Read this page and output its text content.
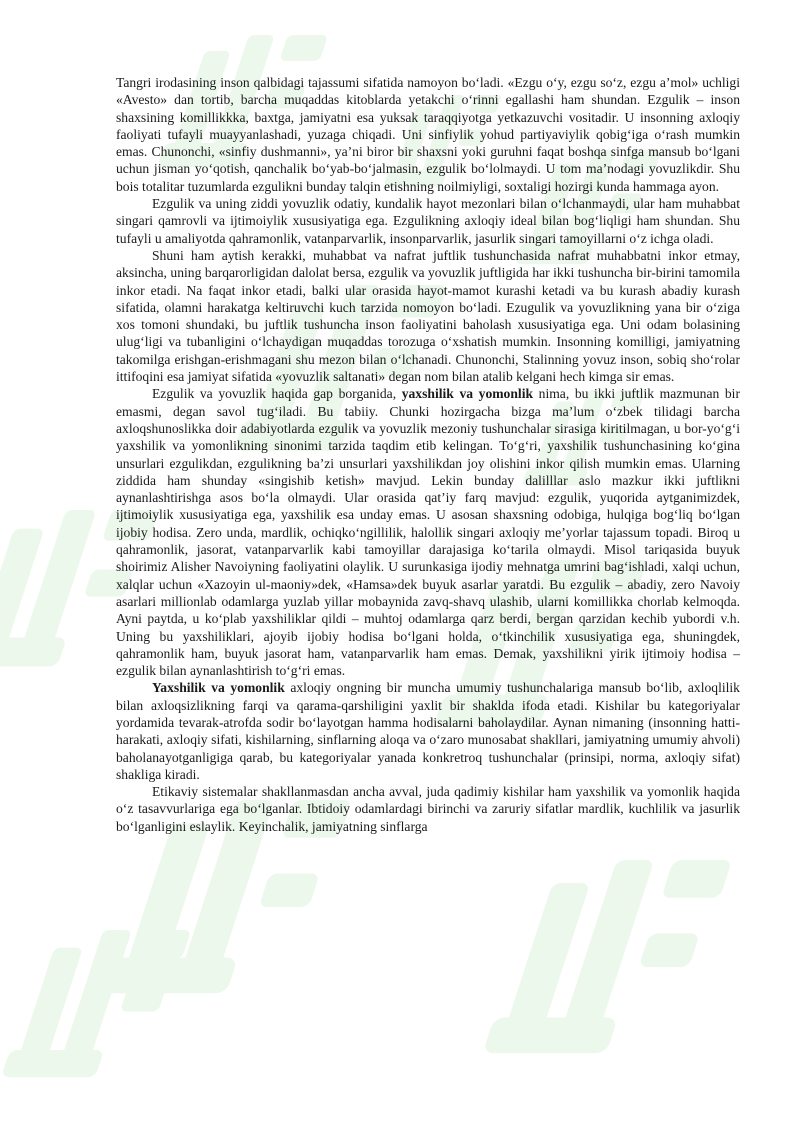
Tangri irodasining inson qalbidagi tajassumi sifatida namoyon bo‘ladi. «Ezgu o‘y, ezgu so‘z, ezgu a’mol» uchligi «Avesto» dan tortib, barcha muqaddas kitoblarda yetakchi o‘rinni egallashi ham shundan. Ezgulik – inson shaxsining komillikkka, baxtga, jamiyatni esa yuksak taraqqiyotga yetkazuvchi vositadir. U insonning axloqiy faoliyati tufayli muayyanlashadi, yuzaga chiqadi. Uni sinfiylik yohud partiyaviylik qobig‘iga o‘rash mumkin emas. Chunonchi, «sinfiy dushmanni», ya’ni biror bir shaxsni yoki guruhni faqat boshqa sinfga mansub bo‘lgani uchun jisman yo‘qotish, qanchalik bo‘yab-bo‘jalmasin, ezgulik bo‘lolmaydi. U tom ma’nodagi yovuzlikdir. Shu bois totalitar tuzumlarda ezgulikni bunday talqin etishning noilmiyligi, soxtaligi hozirgi kunda hammaga ayon.

Ezgulik va uning ziddi yovuzlik odatiy, kundalik hayot mezonlari bilan o‘lchanmaydi, ular ham muhabbat singari qamrovli va ijtimoiylik xususiyatiga ega. Ezgulikning axloqiy ideal bilan bog‘liqligi ham shundan. Shu tufayli u amaliyotda qahramonlik, vatanparvarlik, insonparvarlik, jasurlik singari tamoyillarni o‘z ichga oladi.

Shuni ham aytish kerakki, muhabbat va nafrat juftlik tushunchasida nafrat muhabbatni inkor etmay, aksincha, uning barqarorligidan dalolat bersa, ezgulik va yovuzlik juftligida har ikki tushuncha bir-birini tamomila inkor etadi. Na faqat inkor etadi, balki ular orasida hayot-mamot kurashi ketadi va bu kurash abadiy kurash sifatida, olamni harakatga keltiruvchi kuch tarzida nomoyon bo‘ladi. Ezugulik va yovuzlikning yana bir o‘ziga xos tomoni shundaki, bu juftlik tushuncha inson faoliyatini baholash xususiyatiga ega. Uni odam bolasining ulug‘ligi va tubanligini o‘lchaydigan muqaddas torozuga o‘xshatish mumkin. Insonning komilligi, jamiyatning takomilga erishgan-erishmagani shu mezon bilan o‘lchanadi. Chunonchi, Stalinning yovuz inson, sobiq sho‘rolar ittifoqini esa jamiyat sifatida «yovuzlik saltanati» degan nom bilan atalib kelgani hech kimga sir emas.

Ezgulik va yovuzlik haqida gap borganida, yaxshilik va yomonlik nima, bu ikki juftlik mazmunan bir emasmi, degan savol tug‘iladi. Bu tabiiy. Chunki hozirgacha bizga ma’lum o‘zbek tilidagi barcha axloqshunoslikka doir adabiyotlarda ezgulik va yovuzlik mezoniy tushunchalar sirasiga kiritilmagan, u bor-yo‘g‘i yaxshilik va yomonlikning sinonimi tarzida taqdim etib kelingan. To‘g‘ri, yaxshilik tushunchasining ko‘gina unsurlari ezgulikdan, ezgulikning ba’zi unsurlari yaxshilikdan joy olishini inkor qilish mumkin emas. Ularning ziddida ham shunday «singishib ketish» mavjud. Lekin bunday dalilllar aslo mazkur ikki juftlikni aynanlashtirishga asos bo‘la olmaydi. Ular orasida qat’iy farq mavjud: ezgulik, yuqorida aytganimizdek, ijtimoiylik xususiyatiga ega, yaxshilik esa unday emas. U asosan shaxsning odobiga, hulqiga bog‘liq bo‘lgan ijobiy hodisa. Zero unda, mardlik, ochiqko‘ngillilik, halollik singari axloqiy me’yorlar tajassum topadi. Biroq u qahramonlik, jasorat, vatanparvarlik kabi tamoyillar darajasiga ko‘tarila olmaydi. Misol tariqasida buyuk shoirimiz Alisher Navoiyning faoliyatini olaylik. U surunkasiga ijodiy mehnatga umrini bag‘ishladi, xalqi uchun, xalqlar uchun «Xazoyin ul-maoniy»dek, «Hamsa»dek buyuk asarlar yaratdi. Bu ezgulik – abadiy, zero Navoiy asarlari millionlab odamlarga yuzlab yillar mobaynida zavq-shavq ulashib, ularni komillikka chorlab kelmoqda. Ayni paytda, u ko‘plab yaxshiliklar qildi – muhtoj odamlarga qarz berdi, bergan qarzidan kechib yubordi v.h. Uning bu yaxshiliklari, ajoyib ijobiy hodisa bo‘lgani holda, o‘tkinchilik xususiyatiga ega, shuningdek, qahramonlik ham, buyuk jasorat ham, vatanparvarlik ham emas. Demak, yaxshilikni yirik ijtimoiy hodisa – ezgulik bilan aynanlashtirish to‘g‘ri emas.

Yaxshilik va yomonlik axloqiy ongning bir muncha umumiy tushunchalariga mansub bo‘lib, axloqlilik bilan axloqsizlikning farqi va qarama-qarshiligini yaxlit bir shaklda ifoda etadi. Kishilar bu kategoriyalar yordamida tevarak-atrofda sodir bo‘layotgan hamma hodisalarni baholaydilar. Aynan nimaning (insonning hatti-harakati, axloqiy sifati, kishilarning, sinflarning aloqa va o‘zaro munosabat shakllari, jamiyatning umumiy ahvoli) baholanayotganligiga qarab, bu kategoriyalar yanada konkretroq tushunchalar (prinsipi, norma, axloqiy sifat) shakliga kiradi.

Etikaviy sistemalar shakllanmasdan ancha avval, juda qadimiy kishilar ham yaxshilik va yomonlik haqida o‘z tasavvurlariga ega bo‘lganlar. Ibtidoiy odamlardagi birinchi va zaruriy sifatlar mardlik, kuchlilik va jasurlik bo‘lganligini eslaylik. Keyinchalik, jamiyatning sinflarga
